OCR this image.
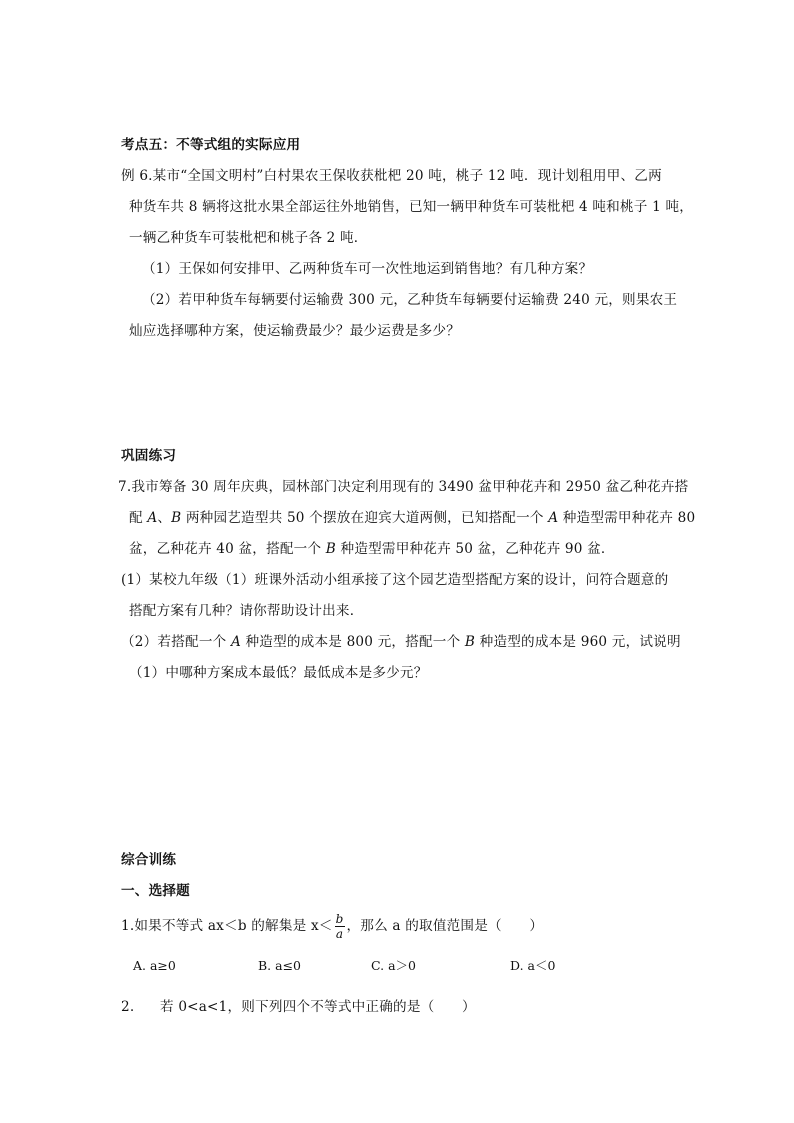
考点五：不等式组的实际应用
例 6.某市“全国文明村”白村果农王保收获枇杷 20 吨，桃子 12 吨．现计划租用甲、乙两
种货车共 8 辆将这批水果全部运往外地销售，已知一辆甲种货车可装枇杷 4 吨和桃子 1 吨，
一辆乙种货车可装枇杷和桃子各 2 吨．
（1）王保如何安排甲、乙两种货车可一次性地运到销售地？有几种方案？
（2）若甲种货车每辆要付运输费 300 元，乙种货车每辆要付运输费 240 元，则果农王
灿应选择哪种方案，使运输费最少？最少运费是多少？
巩固练习
7.我市筹备 30 周年庆典，园林部门决定利用现有的 3490 盆甲种花卉和 2950 盆乙种花卉搭
配 A、B 两种园艺造型共 50 个摆放在迎宾大道两侧，已知搭配一个 A 种造型需甲种花卉 80
盆，乙种花卉 40 盆，搭配一个 B 种造型需甲种花卉 50 盆，乙种花卉 90 盆．
(1）某校九年级（1）班课外活动小组承接了这个园艺造型搭配方案的设计，问符合题意的
搭配方案有几种？请你帮助设计出来．
（2）若搭配一个 A 种造型的成本是 800 元，搭配一个 B 种造型的成本是 960 元，试说明
（1）中哪种方案成本最低？最低成本是多少元？
综合训练
一、选择题
1.如果不等式 ax＜b 的解集是 $x< \frac{b}{a}$ ，那么 a 的取值范围是（　　）
A. a≥0	B. a≤0	C. a＞0	D. a＜0
2. 若 0<a<1，则下列四个不等式中正确的是（　　）
